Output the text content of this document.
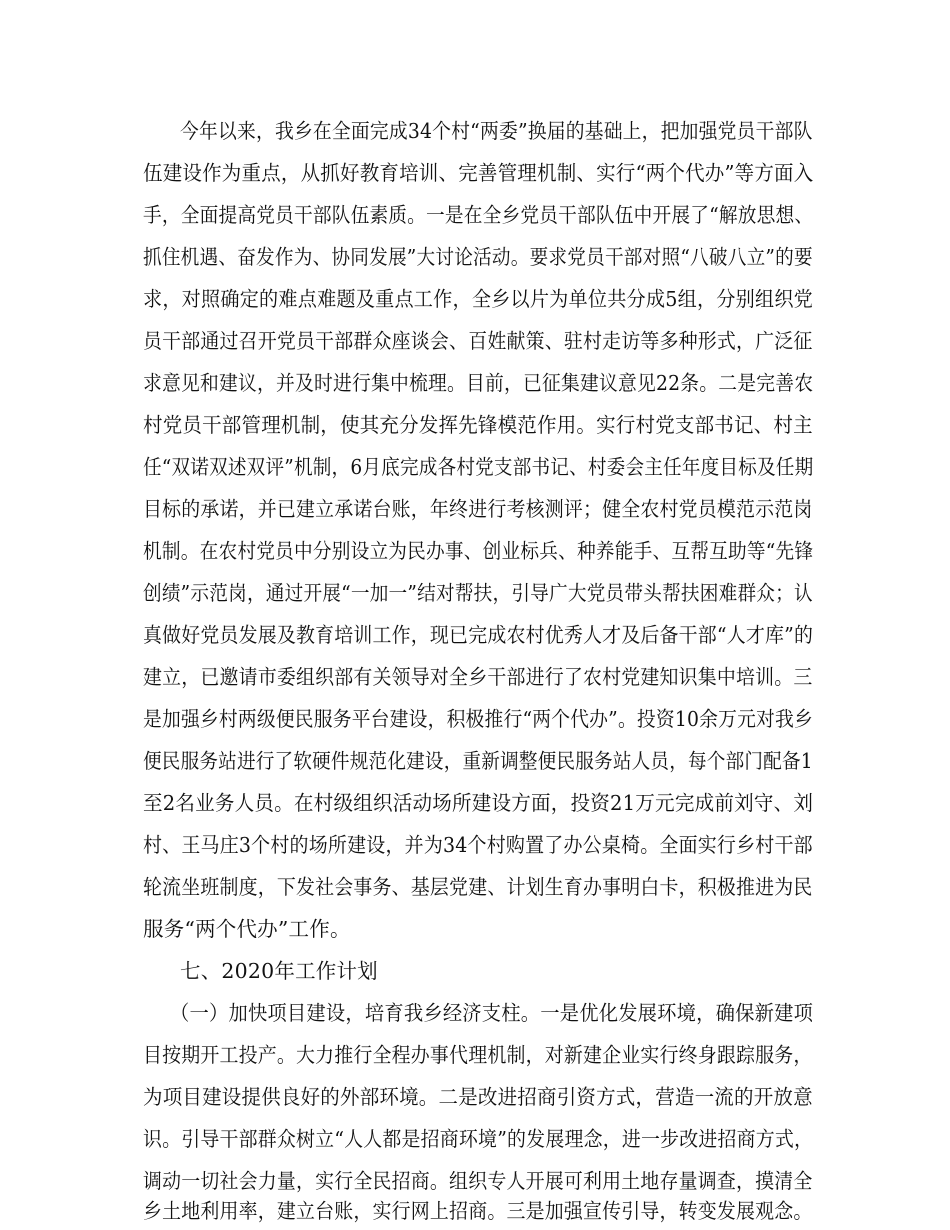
今年以来，我乡在全面完成34个村“两委”换届的基础上，把加强党员干部队
伍建设作为重点，从抓好教育培训、完善管理机制、实行“两个代办”等方面入
手，全面提高党员干部队伍素质。一是在全乡党员干部队伍中开展了“解放思想、
抓住机遇、奋发作为、协同发展”大讨论活动。要求党员干部对照“八破八立”的要
求，对照确定的难点难题及重点工作，全乡以片为单位共分成5组，分别组织党
员干部通过召开党员干部群众座谈会、百姓献策、驻村走访等多种形式，广泛征
求意见和建议，并及时进行集中梳理。目前，已征集建议意见22条。二是完善农
村党员干部管理机制，使其充分发挥先锋模范作用。实行村党支部书记、村主
任“双诺双述双评”机制，6月底完成各村党支部书记、村委会主任年度目标及任期
目标的承诺，并已建立承诺台账，年终进行考核测评；健全农村党员模范示范岗
机制。在农村党员中分别设立为民办事、创业标兵、种养能手、互帮互助等“先锋
创绩”示范岗，通过开展“一加一”结对帮扶，引导广大党员带头帮扶困难群众；认
真做好党员发展及教育培训工作，现已完成农村优秀人才及后备干部“人才库”的
建立，已邀请市委组织部有关领导对全乡干部进行了农村党建知识集中培训。三
是加强乡村两级便民服务平台建设，积极推行“两个代办”。投资10余万元对我乡
便民服务站进行了软硬件规范化建设，重新调整便民服务站人员，每个部门配备1
至2名业务人员。在村级组织活动场所建设方面，投资21万元完成前刘守、刘
村、王马庄3个村的场所建设，并为34个村购置了办公桌椅。全面实行乡村干部
轮流坐班制度，下发社会事务、基层党建、计划生育办事明白卡，积极推进为民
服务“两个代办”工作。
七、2020年工作计划
（一）加快项目建设，培育我乡经济支柱。一是优化发展环境，确保新建项
目按期开工投产。大力推行全程办事代理机制，对新建企业实行终身跟踪服务，
为项目建设提供良好的外部环境。二是改进招商引资方式，营造一流的开放意
识。引导干部群众树立“人人都是招商环境”的发展理念，进一步改进招商方式，
调动一切社会力量，实行全民招商。组织专人开展可利用土地存量调查，摸清全
乡土地利用率，建立台账，实行网上招商。三是加强宣传引导，转变发展观念。
